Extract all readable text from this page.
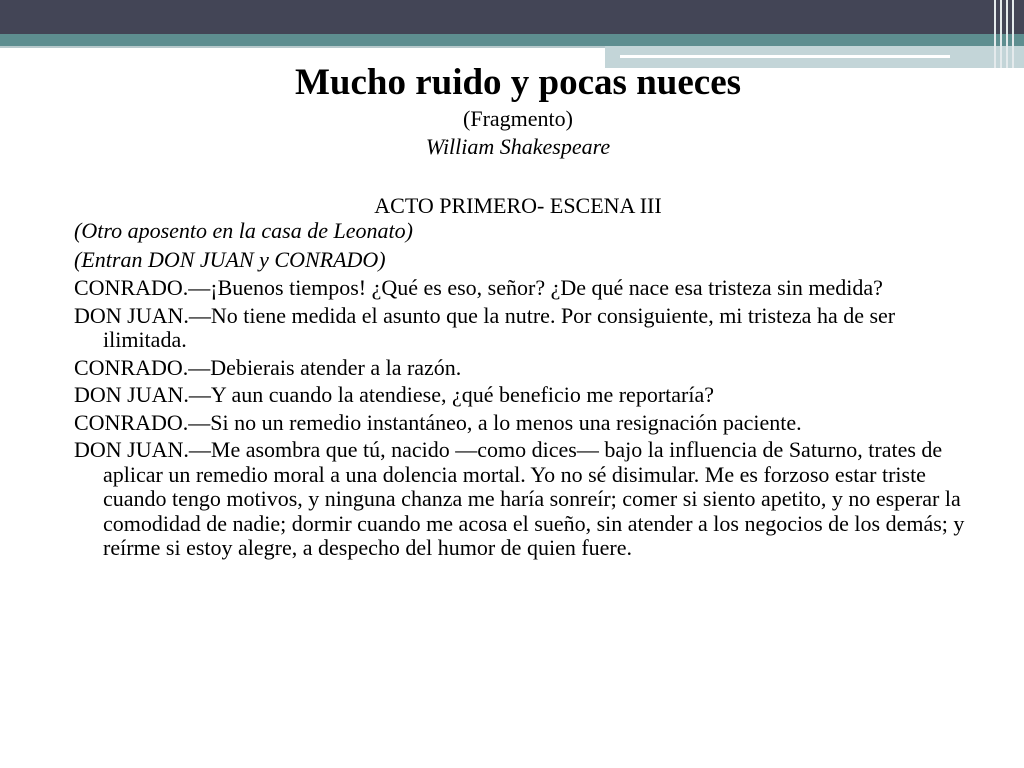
Mucho ruido y pocas nueces
(Fragmento)
William Shakespeare

ACTO PRIMERO- ESCENA III

(Otro aposento en la casa de Leonato)

(Entran DON JUAN y CONRADO)

CONRADO.—¡Buenos tiempos! ¿Qué es eso, señor? ¿De qué nace esa tristeza sin medida?

DON JUAN.—No tiene medida el asunto que la nutre. Por consiguiente, mi tristeza ha de ser ilimitada.

CONRADO.—Debierais atender a la razón.

DON JUAN.—Y aun cuando la atendiese, ¿qué beneficio me reportaría?

CONRADO.—Si no un remedio instantáneo, a lo menos una resignación paciente.

DON JUAN.—Me asombra que tú, nacido —como dices— bajo la influencia de Saturno, trates de aplicar un remedio moral a una dolencia mortal. Yo no sé disimular. Me es forzoso estar triste cuando tengo motivos, y ninguna chanza me haría sonreír; comer si siento apetito, y no esperar la comodidad de nadie; dormir cuando me acosa el sueño, sin atender a los negocios de los demás; y reírme si estoy alegre, a despecho del humor de quien fuere.
